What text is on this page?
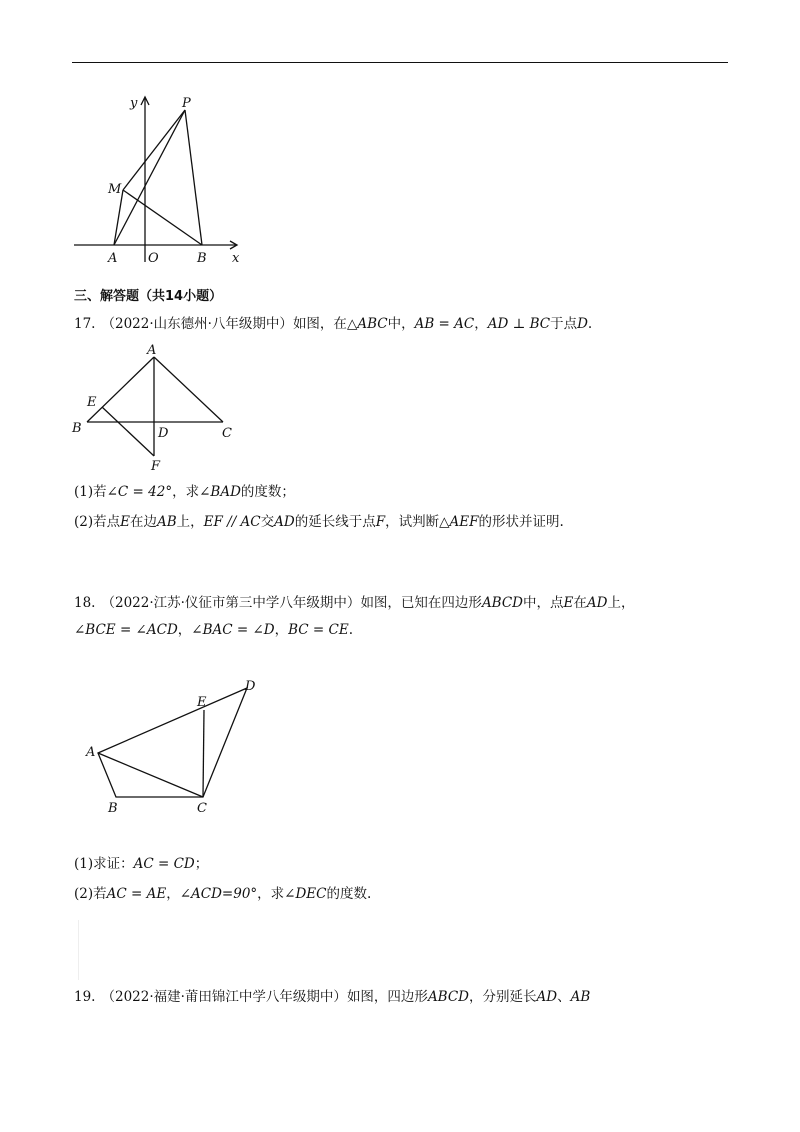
y	P
M
A O	B x
三、解答题（共14小题）
17. （2022·山东德州·八年级期中）如图，在△ABC中，AB = AC，AD ⊥ BC于点D.
A
E
B	D	C
F
(1)若∠C = 42°，求∠BAD的度数；
(2)若点E在边AB上，EF // AC交AD的延长线于点F，试判断△AEF的形状并证明.
18. （2022·江苏·仪征市第三中学八年级期中）如图，已知在四边形ABCD中，点E在AD上，
∠BCE = ∠ACD，∠BAC = ∠D，BC = CE.
D
E
A
B	C
(1)求证：AC = CD；
(2)若AC = AE，∠ACD=90°，求∠DEC的度数.
19. （2022·福建·莆田锦江中学八年级期中）如图，四边形ABCD，分别延长AD、AB
